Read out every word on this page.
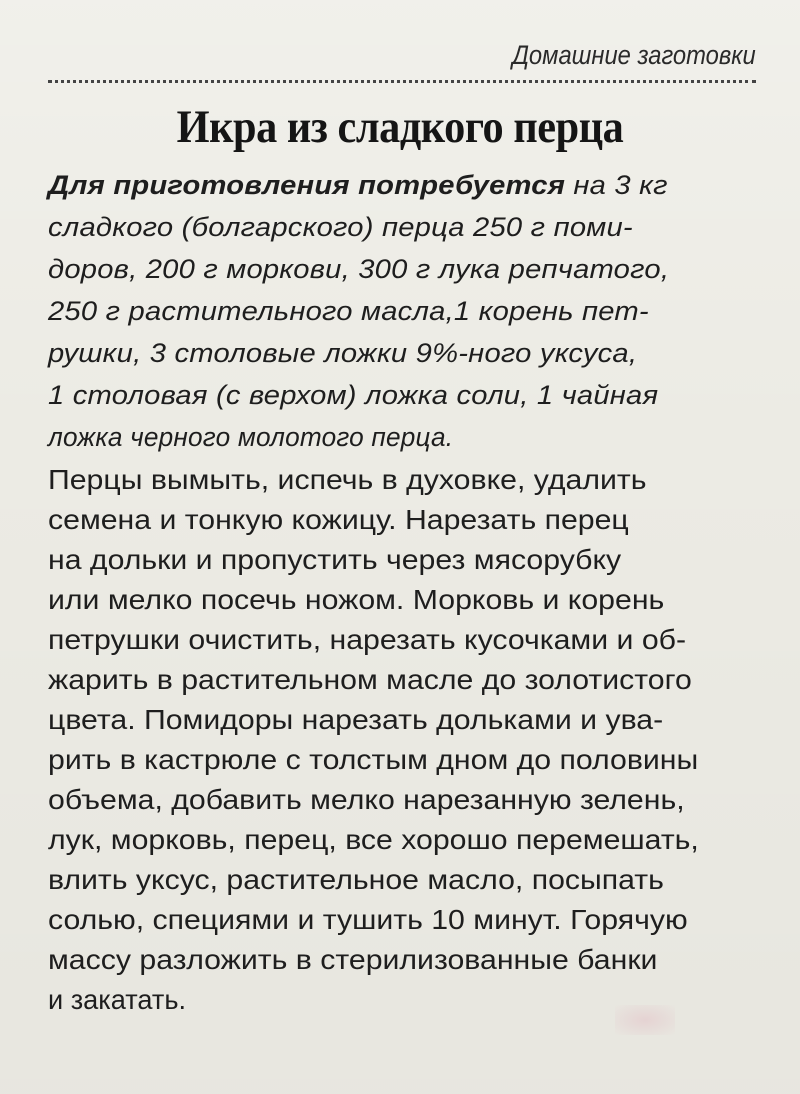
Домашние заготовки
Икра из сладкого перца
Для приготовления потребуется на 3 кг
сладкого (болгарского) перца 250 г поми-
доров, 200 г моркови, 300 г лука репчатого,
250 г растительного масла,1 корень пет-
рушки, 3 столовые ложки 9%-ного уксуса,
1 столовая (с верхом) ложка соли, 1 чайная
ложка черного молотого перца.
Перцы вымыть, испечь в духовке, удалить
семена и тонкую кожицу. Нарезать перец
на дольки и пропустить через мясорубку
или мелко посечь ножом. Морковь и корень
петрушки очистить, нарезать кусочками и об-
жарить в растительном масле до золотистого
цвета. Помидоры нарезать дольками и ува-
рить в кастрюле с толстым дном до половины
объема, добавить мелко нарезанную зелень,
лук, морковь, перец, все хорошо перемешать,
влить уксус, растительное масло, посыпать
солью, специями и тушить 10 минут. Горячую
массу разложить в стерилизованные банки
и закатать.
